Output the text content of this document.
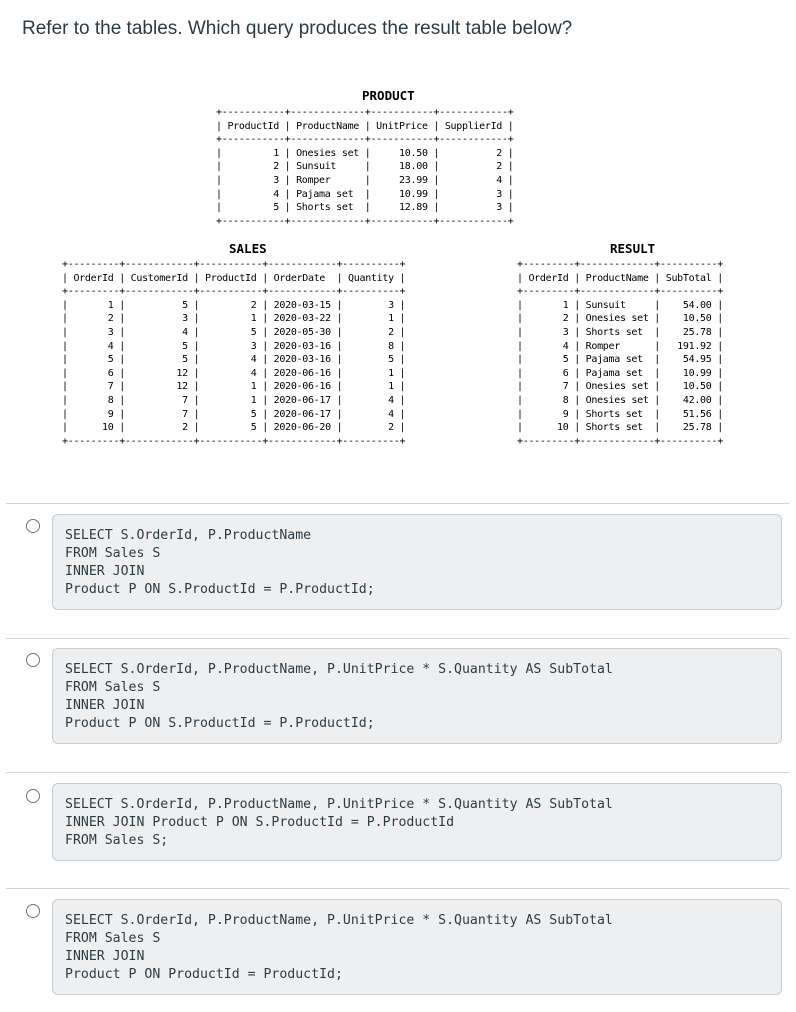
Refer to the tables. Which query produces the result table below?
PRODUCT
+-----------+-------------+-----------+------------+
| ProductId | ProductName | UnitPrice | SupplierId |
+-----------+-------------+-----------+------------+
|         1 | Onesies set |     10.50 |          2 |
|         2 | Sunsuit     |     18.00 |          2 |
|         3 | Romper      |     23.99 |          4 |
|         4 | Pajama set  |     10.99 |          3 |
|         5 | Shorts set  |     12.89 |          3 |
+-----------+-------------+-----------+------------+
SALES
+---------+------------+-----------+------------+----------+
| OrderId | CustomerId | ProductId | OrderDate  | Quantity |
+---------+------------+-----------+------------+----------+
|       1 |          5 |         2 | 2020-03-15 |        3 |
|       2 |          3 |         1 | 2020-03-22 |        1 |
|       3 |          4 |         5 | 2020-05-30 |        2 |
|       4 |          5 |         3 | 2020-03-16 |        8 |
|       5 |          5 |         4 | 2020-03-16 |        5 |
|       6 |         12 |         4 | 2020-06-16 |        1 |
|       7 |         12 |         1 | 2020-06-16 |        1 |
|       8 |          7 |         1 | 2020-06-17 |        4 |
|       9 |          7 |         5 | 2020-06-17 |        4 |
|      10 |          2 |         5 | 2020-06-20 |        2 |
+---------+------------+-----------+------------+----------+
RESULT
+---------+-------------+----------+
| OrderId | ProductName | SubTotal |
+---------+-------------+----------+
|       1 | Sunsuit     |    54.00 |
|       2 | Onesies set |    10.50 |
|       3 | Shorts set  |    25.78 |
|       4 | Romper      |   191.92 |
|       5 | Pajama set  |    54.95 |
|       6 | Pajama set  |    10.99 |
|       7 | Onesies set |    10.50 |
|       8 | Onesies set |    42.00 |
|       9 | Shorts set  |    51.56 |
|      10 | Shorts set  |    25.78 |
+---------+-------------+----------+
SELECT S.OrderId, P.ProductName
FROM Sales S
INNER JOIN
Product P ON S.ProductId = P.ProductId;
SELECT S.OrderId, P.ProductName, P.UnitPrice * S.Quantity AS SubTotal
FROM Sales S
INNER JOIN
Product P ON S.ProductId = P.ProductId;
SELECT S.OrderId, P.ProductName, P.UnitPrice * S.Quantity AS SubTotal
INNER JOIN Product P ON S.ProductId = P.ProductId
FROM Sales S;
SELECT S.OrderId, P.ProductName, P.UnitPrice * S.Quantity AS SubTotal
FROM Sales S
INNER JOIN
Product P ON ProductId = ProductId;
